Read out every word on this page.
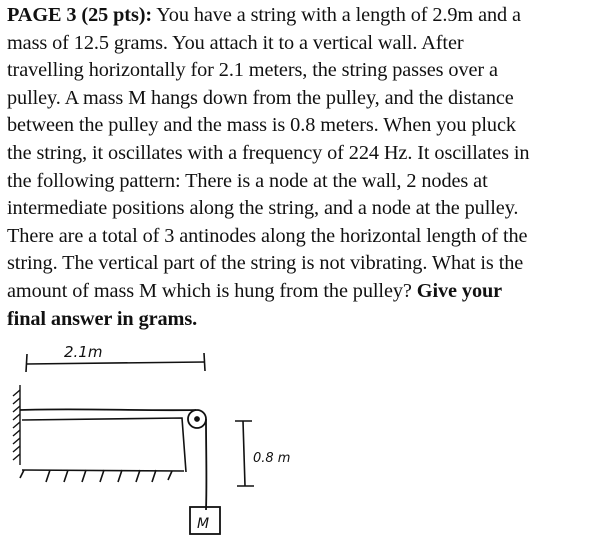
PAGE 3 (25 pts): You have a string with a length of 2.9m and a
mass of 12.5 grams. You attach it to a vertical wall. After
travelling horizontally for 2.1 meters, the string passes over a
pulley. A mass M hangs down from the pulley, and the distance
between the pulley and the mass is 0.8 meters. When you pluck
the string, it oscillates with a frequency of 224 Hz. It oscillates in
the following pattern: There is a node at the wall, 2 nodes at
intermediate positions along the string, and a node at the pulley.
There are a total of 3 antinodes along the horizontal length of the
string. The vertical part of the string is not vibrating. What is the
amount of mass M which is hung from the pulley? Give your
final answer in grams.
2.1m
M
0.8 m
